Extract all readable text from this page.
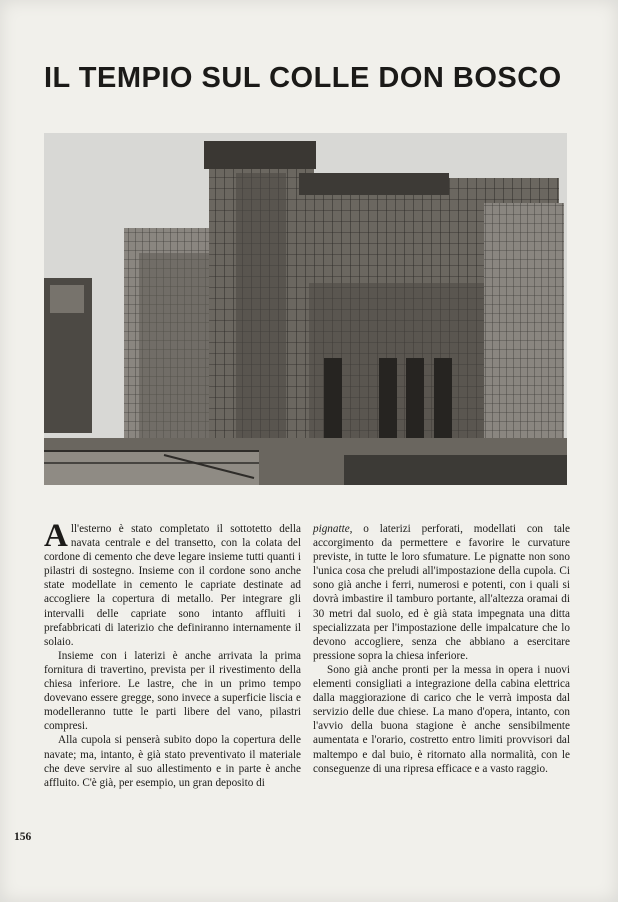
IL TEMPIO SUL COLLE DON BOSCO

All'esterno è stato completato il sottotetto della navata centrale e del transetto, con la colata del cordone di cemento che deve legare insieme tutti quanti i pilastri di sostegno. Insieme con il cordone sono anche state modellate in cemento le capriate destinate ad accogliere la copertura di metallo. Per integrare gli intervalli delle capriate sono intanto affluiti i prefabbricati di laterizio che definiranno internamente il solaio.

Insieme con i laterizi è anche arrivata la prima fornitura di travertino, prevista per il rivestimento della chiesa inferiore. Le lastre, che in un primo tempo dovevano essere gregge, sono invece a superficie liscia e modelleranno tutte le parti libere del vano, pilastri compresi.

Alla cupola si penserà subito dopo la copertura delle navate; ma, intanto, è già stato preventivato il materiale che deve servire al suo allestimento e in parte è anche affluito. C'è già, per esempio, un gran deposito di

pignatte, o laterizi perforati, modellati con tale accorgimento da permettere e favorire le curvature previste, in tutte le loro sfumature. Le pignatte non sono l'unica cosa che preludi all'impostazione della cupola. Ci sono già anche i ferri, numerosi e potenti, con i quali si dovrà imbastire il tamburo portante, all'altezza oramai di 30 metri dal suolo, ed è già stata impegnata una ditta specializzata per l'impostazione delle impalcature che lo devono accogliere, senza che abbiano a esercitare pressione sopra la chiesa inferiore.

Sono già anche pronti per la messa in opera i nuovi elementi consigliati a integrazione della cabina elettrica dalla maggiorazione di carico che le verrà imposta dal servizio delle due chiese. La mano d'opera, intanto, con l'avvio della buona stagione è anche sensibilmente aumentata e l'orario, costretto entro limiti provvisori dal maltempo e dal buio, è ritornato alla normalità, con le conseguenze di una ripresa efficace e a vasto raggio.

156
